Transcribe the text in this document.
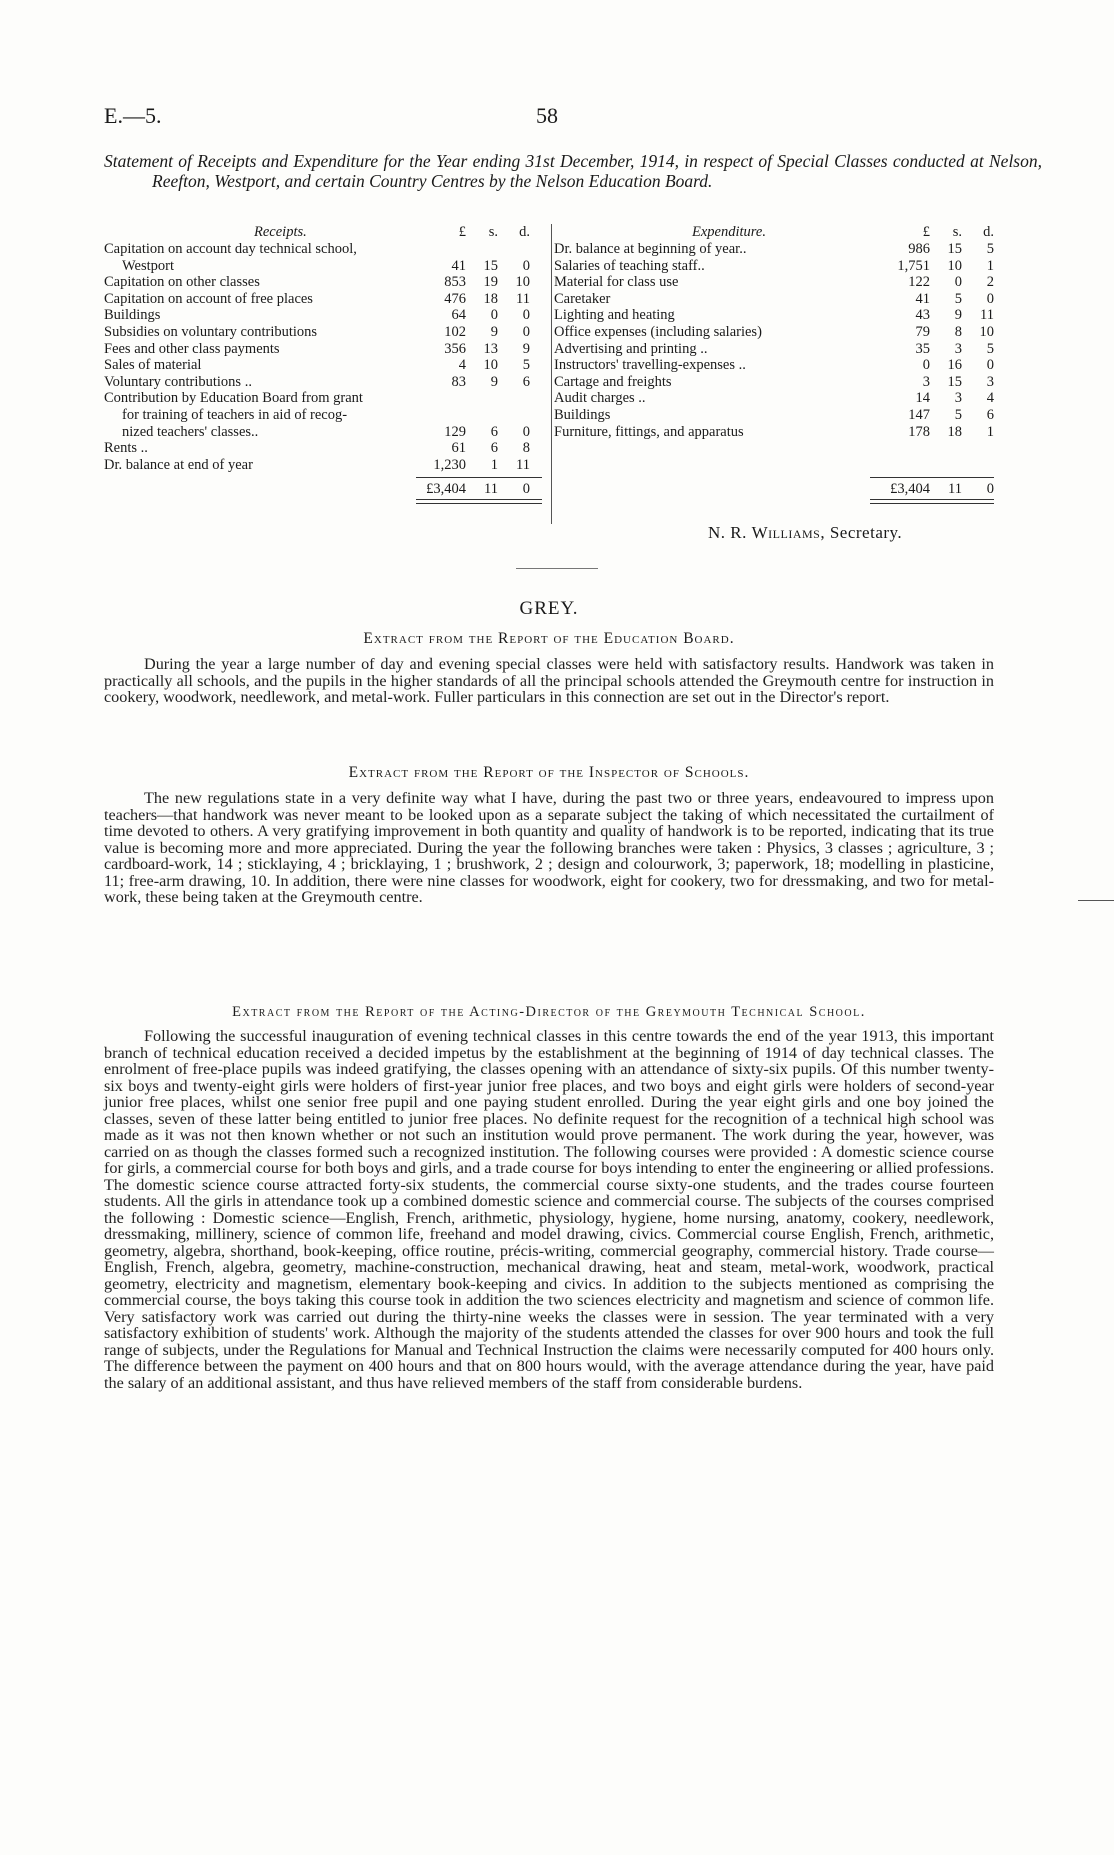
E.—5.	58
Statement of Receipts and Expenditure for the Year ending 31st December, 1914, in respect of Special Classes conducted at Nelson, Reefton, Westport, and certain Country Centres by the Nelson Education Board.
Receipts.	£	s.	d.
Capitation on account day technical school,
Westport	41	15	0
Capitation on other classes	853	19	10
Capitation on account of free places	476	18	11
Buildings	64	0	0
Subsidies on voluntary contributions	102	9	0
Fees and other class payments	356	13	9
Sales of material	4	10	5
Voluntary contributions ..	83	9	6
Contribution by Education Board from grant
for training of teachers in aid of recog-
nized teachers' classes..	129	6	0
Rents ..	61	6	8
Dr. balance at end of year	1,230	1	11
£3,404	11	0
Expenditure.	£	s.	d.
Dr. balance at beginning of year..	986	15	5
Salaries of teaching staff..	1,751	10	1
Material for class use	122	0	2
Caretaker	41	5	0
Lighting and heating	43	9	11
Office expenses (including salaries)	79	8	10
Advertising and printing ..	35	3	5
Instructors' travelling-expenses ..	0	16	0
Cartage and freights	3	15	3
Audit charges ..	14	3	4
Buildings	147	5	6
Furniture, fittings, and apparatus	178	18	1
£3,404	11	0
N. R. Williams, Secretary.
GREY.
Extract from the Report of the Education Board.
During the year a large number of day and evening special classes were held with satisfactory results. Handwork was taken in practically all schools, and the pupils in the higher standards of all the principal schools attended the Greymouth centre for instruction in cookery, woodwork, needlework, and metal-work. Fuller particulars in this connection are set out in the Director's report.
Extract from the Report of the Inspector of Schools.
The new regulations state in a very definite way what I have, during the past two or three years, endeavoured to impress upon teachers—that handwork was never meant to be looked upon as a separate subject the taking of which necessitated the curtailment of time devoted to others. A very gratifying improvement in both quantity and quality of handwork is to be reported, indicating that its true value is becoming more and more appreciated. During the year the following branches were taken : Physics, 3 classes ; agriculture, 3 ; cardboard-work, 14 ; sticklaying, 4 ; bricklaying, 1 ; brushwork, 2 ; design and colourwork, 3; paperwork, 18; modelling in plasticine, 11; free-arm drawing, 10. In addition, there were nine classes for woodwork, eight for cookery, two for dressmaking, and two for metal-work, these being taken at the Greymouth centre.
Extract from the Report of the Acting-Director of the Greymouth Technical School.
Following the successful inauguration of evening technical classes in this centre towards the end of the year 1913, this important branch of technical education received a decided impetus by the establishment at the beginning of 1914 of day technical classes. The enrolment of free-place pupils was indeed gratifying, the classes opening with an attendance of sixty-six pupils. Of this number twenty-six boys and twenty-eight girls were holders of first-year junior free places, and two boys and eight girls were holders of second-year junior free places, whilst one senior free pupil and one paying student enrolled. During the year eight girls and one boy joined the classes, seven of these latter being entitled to junior free places. No definite request for the recognition of a technical high school was made as it was not then known whether or not such an institution would prove permanent. The work during the year, however, was carried on as though the classes formed such a recognized institution. The following courses were provided : A domestic science course for girls, a commercial course for both boys and girls, and a trade course for boys intending to enter the engineering or allied professions. The domestic science course attracted forty-six students, the commercial course sixty-one students, and the trades course fourteen students. All the girls in attendance took up a combined domestic science and commercial course. The subjects of the courses comprised the following : Domestic science—English, French, arithmetic, physiology, hygiene, home nursing, anatomy, cookery, needlework, dressmaking, millinery, science of common life, freehand and model drawing, civics. Commercial course English, French, arithmetic, geometry, algebra, shorthand, book-keeping, office routine, précis-writing, commercial geography, commercial history. Trade course—English, French, algebra, geometry, machine-construction, mechanical drawing, heat and steam, metal-work, woodwork, practical geometry, electricity and magnetism, elementary book-keeping and civics. In addition to the subjects mentioned as comprising the commercial course, the boys taking this course took in addition the two sciences electricity and magnetism and science of common life. Very satisfactory work was carried out during the thirty-nine weeks the classes were in session. The year terminated with a very satisfactory exhibition of students' work. Although the majority of the students attended the classes for over 900 hours and took the full range of subjects, under the Regulations for Manual and Technical Instruction the claims were necessarily computed for 400 hours only. The difference between the payment on 400 hours and that on 800 hours would, with the average attendance during the year, have paid the salary of an additional assistant, and thus have relieved members of the staff from considerable burdens.
